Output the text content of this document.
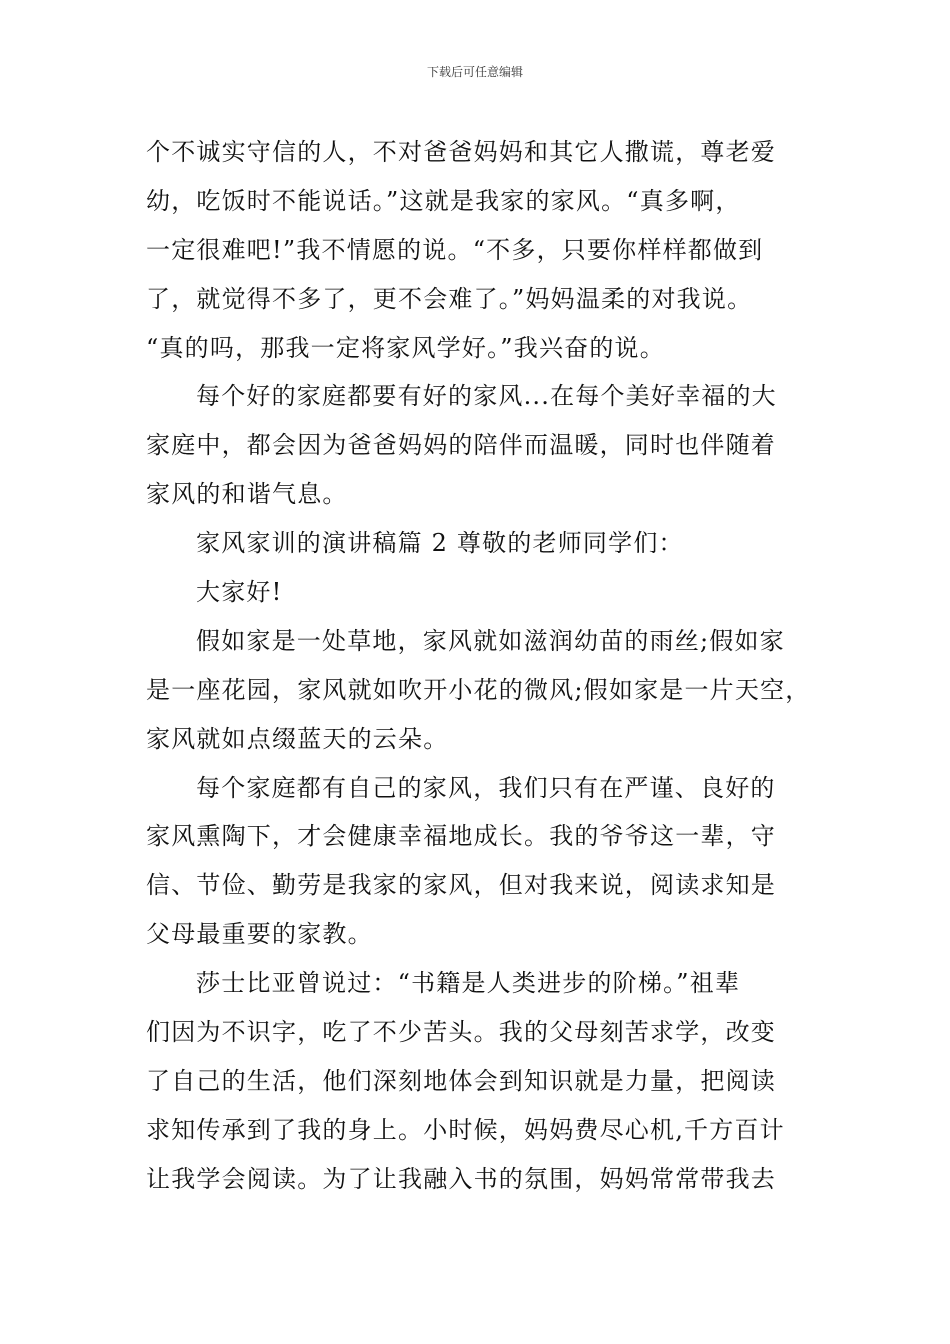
下载后可任意编辑
个不诚实守信的人，不对爸爸妈妈和其它人撒谎，尊老爱
幼，吃饭时不能说话。”这就是我家的家风。“真多啊，
一定很难吧!”我不情愿的说。“不多，只要你样样都做到
了，就觉得不多了，更不会难了。”妈妈温柔的对我说。
“真的吗，那我一定将家风学好。”我兴奋的说。
每个好的家庭都要有好的家风...在每个美好幸福的大
家庭中，都会因为爸爸妈妈的陪伴而温暖，同时也伴随着
家风的和谐气息。
家风家训的演讲稿篇 2 尊敬的老师同学们：
大家好!
假如家是一处草地，家风就如滋润幼苗的雨丝;假如家
是一座花园，家风就如吹开小花的微风;假如家是一片天空，
家风就如点缀蓝天的云朵。
每个家庭都有自己的家风，我们只有在严谨、良好的
家风熏陶下，才会健康幸福地成长。我的爷爷这一辈，守
信、节俭、勤劳是我家的家风，但对我来说，阅读求知是
父母最重要的家教。
莎士比亚曾说过：“书籍是人类进步的阶梯。”祖辈
们因为不识字，吃了不少苦头。我的父母刻苦求学，改变
了自己的生活，他们深刻地体会到知识就是力量，把阅读
求知传承到了我的身上。小时候，妈妈费尽心机,千方百计
让我学会阅读。为了让我融入书的氛围，妈妈常常带我去
